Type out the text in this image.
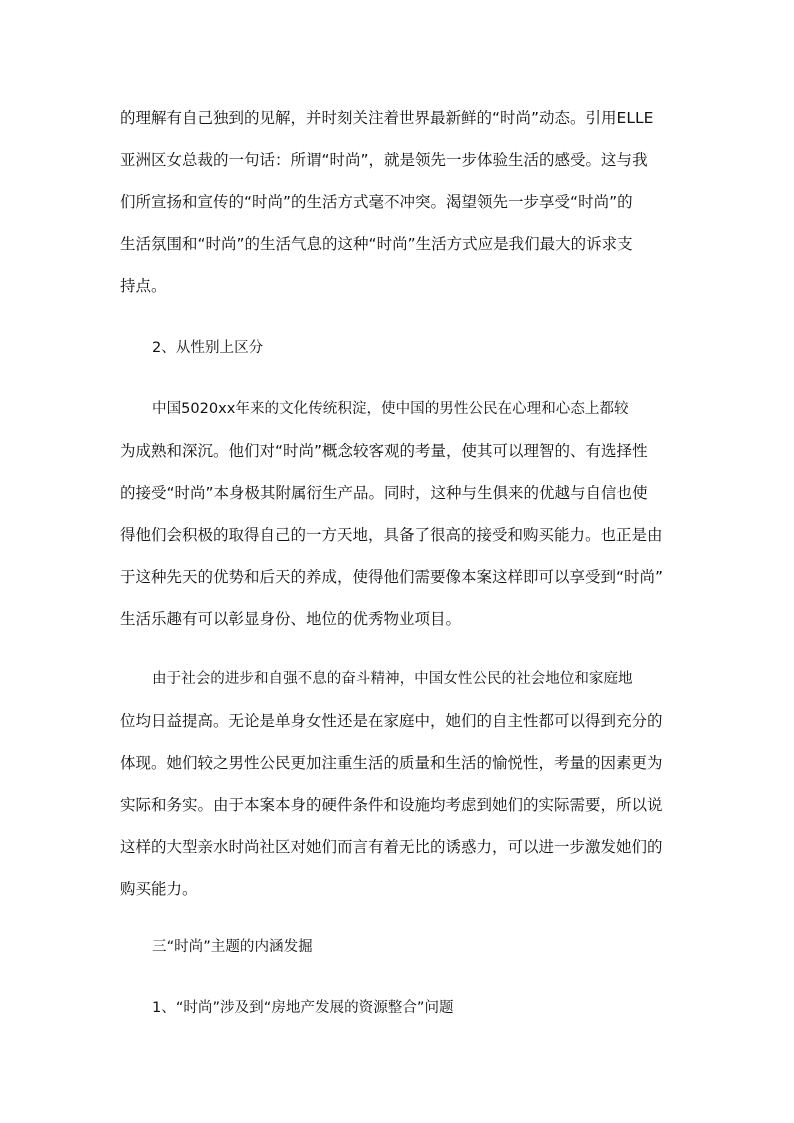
的理解有自己独到的见解，并时刻关注着世界最新鲜的“时尚”动态。引用ELLE
亚洲区女总裁的一句话：所谓“时尚”，就是领先一步体验生活的感受。这与我
们所宣扬和宣传的“时尚”的生活方式毫不冲突。渴望领先一步享受“时尚”的
生活氛围和“时尚”的生活气息的这种“时尚”生活方式应是我们最大的诉求支
持点。
2、从性别上区分
中国5020xx年来的文化传统积淀，使中国的男性公民在心理和心态上都较
为成熟和深沉。他们对“时尚”概念较客观的考量，使其可以理智的、有选择性
的接受“时尚”本身极其附属衍生产品。同时，这种与生俱来的优越与自信也使
得他们会积极的取得自己的一方天地，具备了很高的接受和购买能力。也正是由
于这种先天的优势和后天的养成，使得他们需要像本案这样即可以享受到“时尚”
生活乐趣有可以彰显身份、地位的优秀物业项目。
由于社会的进步和自强不息的奋斗精神，中国女性公民的社会地位和家庭地
位均日益提高。无论是单身女性还是在家庭中，她们的自主性都可以得到充分的
体现。她们较之男性公民更加注重生活的质量和生活的愉悦性，考量的因素更为
实际和务实。由于本案本身的硬件条件和设施均考虑到她们的实际需要，所以说
这样的大型亲水时尚社区对她们而言有着无比的诱惑力，可以进一步激发她们的
购买能力。
三“时尚”主题的内涵发掘
1、“时尚”涉及到“房地产发展的资源整合”问题
